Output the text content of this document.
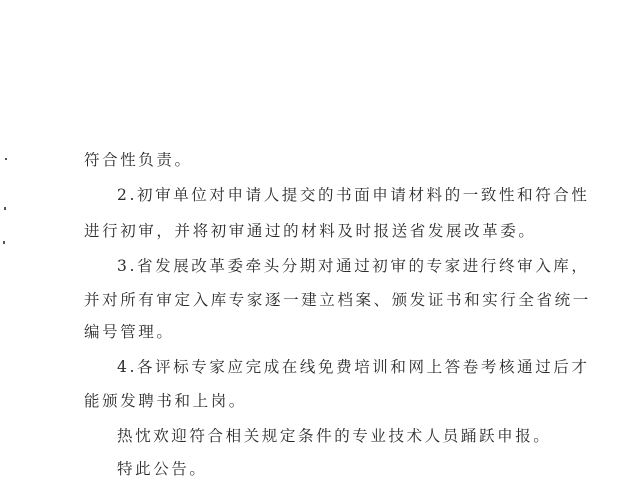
符合性负责。
2.初审单位对申请人提交的书面申请材料的一致性和符合性
进行初审，并将初审通过的材料及时报送省发展改革委。
3.省发展改革委牵头分期对通过初审的专家进行终审入库，
并对所有审定入库专家逐一建立档案、颁发证书和实行全省统一
编号管理。
4.各评标专家应完成在线免费培训和网上答卷考核通过后才
能颁发聘书和上岗。
热忱欢迎符合相关规定条件的专业技术人员踊跃申报。
特此公告。
